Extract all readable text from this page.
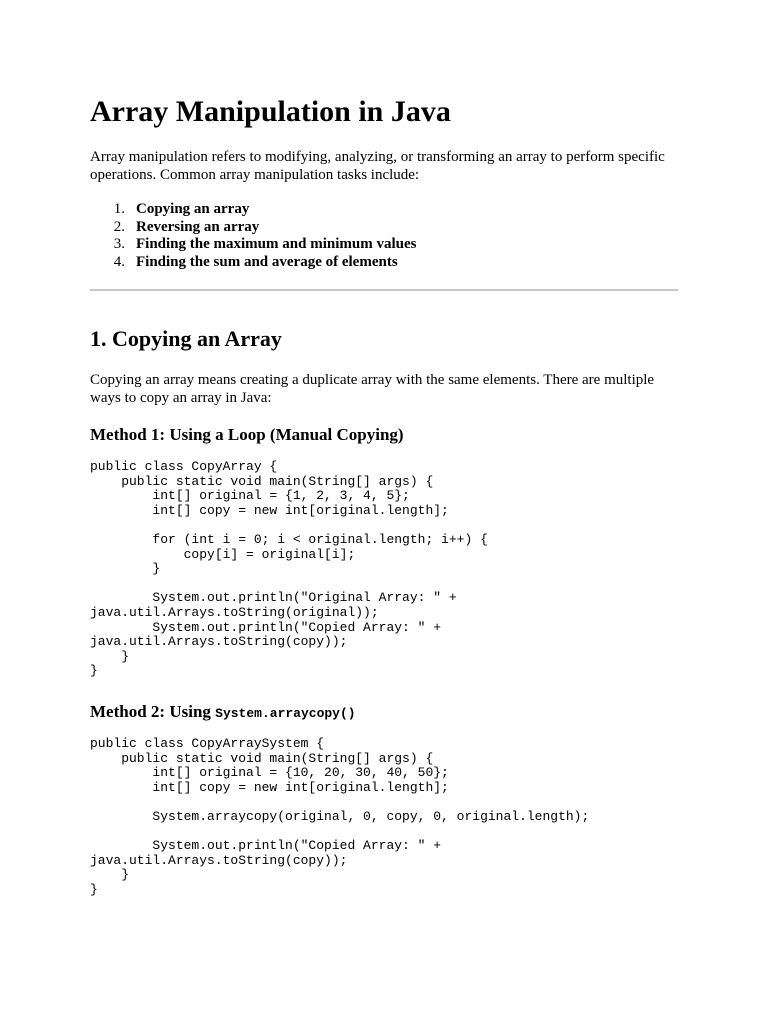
Array Manipulation in Java

Array manipulation refers to modifying, analyzing, or transforming an array to perform specific operations. Common array manipulation tasks include:

1. Copying an array
2. Reversing an array
3. Finding the maximum and minimum values
4. Finding the sum and average of elements
1. Copying an Array

Copying an array means creating a duplicate array with the same elements. There are multiple ways to copy an array in Java:

Method 1: Using a Loop (Manual Copying)
public class CopyArray {
public static void main(String[] args) {
int[] original = {1, 2, 3, 4, 5};
int[] copy = new int[original.length];

for (int i = 0; i < original.length; i++) {
copy[i] = original[i];
}

System.out.println("Original Array: " +
java.util.Arrays.toString(original));
System.out.println("Copied Array: " +
java.util.Arrays.toString(copy));
}
}
Method 2: Using System.arraycopy()
public class CopyArraySystem {
public static void main(String[] args) {
int[] original = {10, 20, 30, 40, 50};
int[] copy = new int[original.length];

System.arraycopy(original, 0, copy, 0, original.length);

System.out.println("Copied Array: " +
java.util.Arrays.toString(copy));
}
}
